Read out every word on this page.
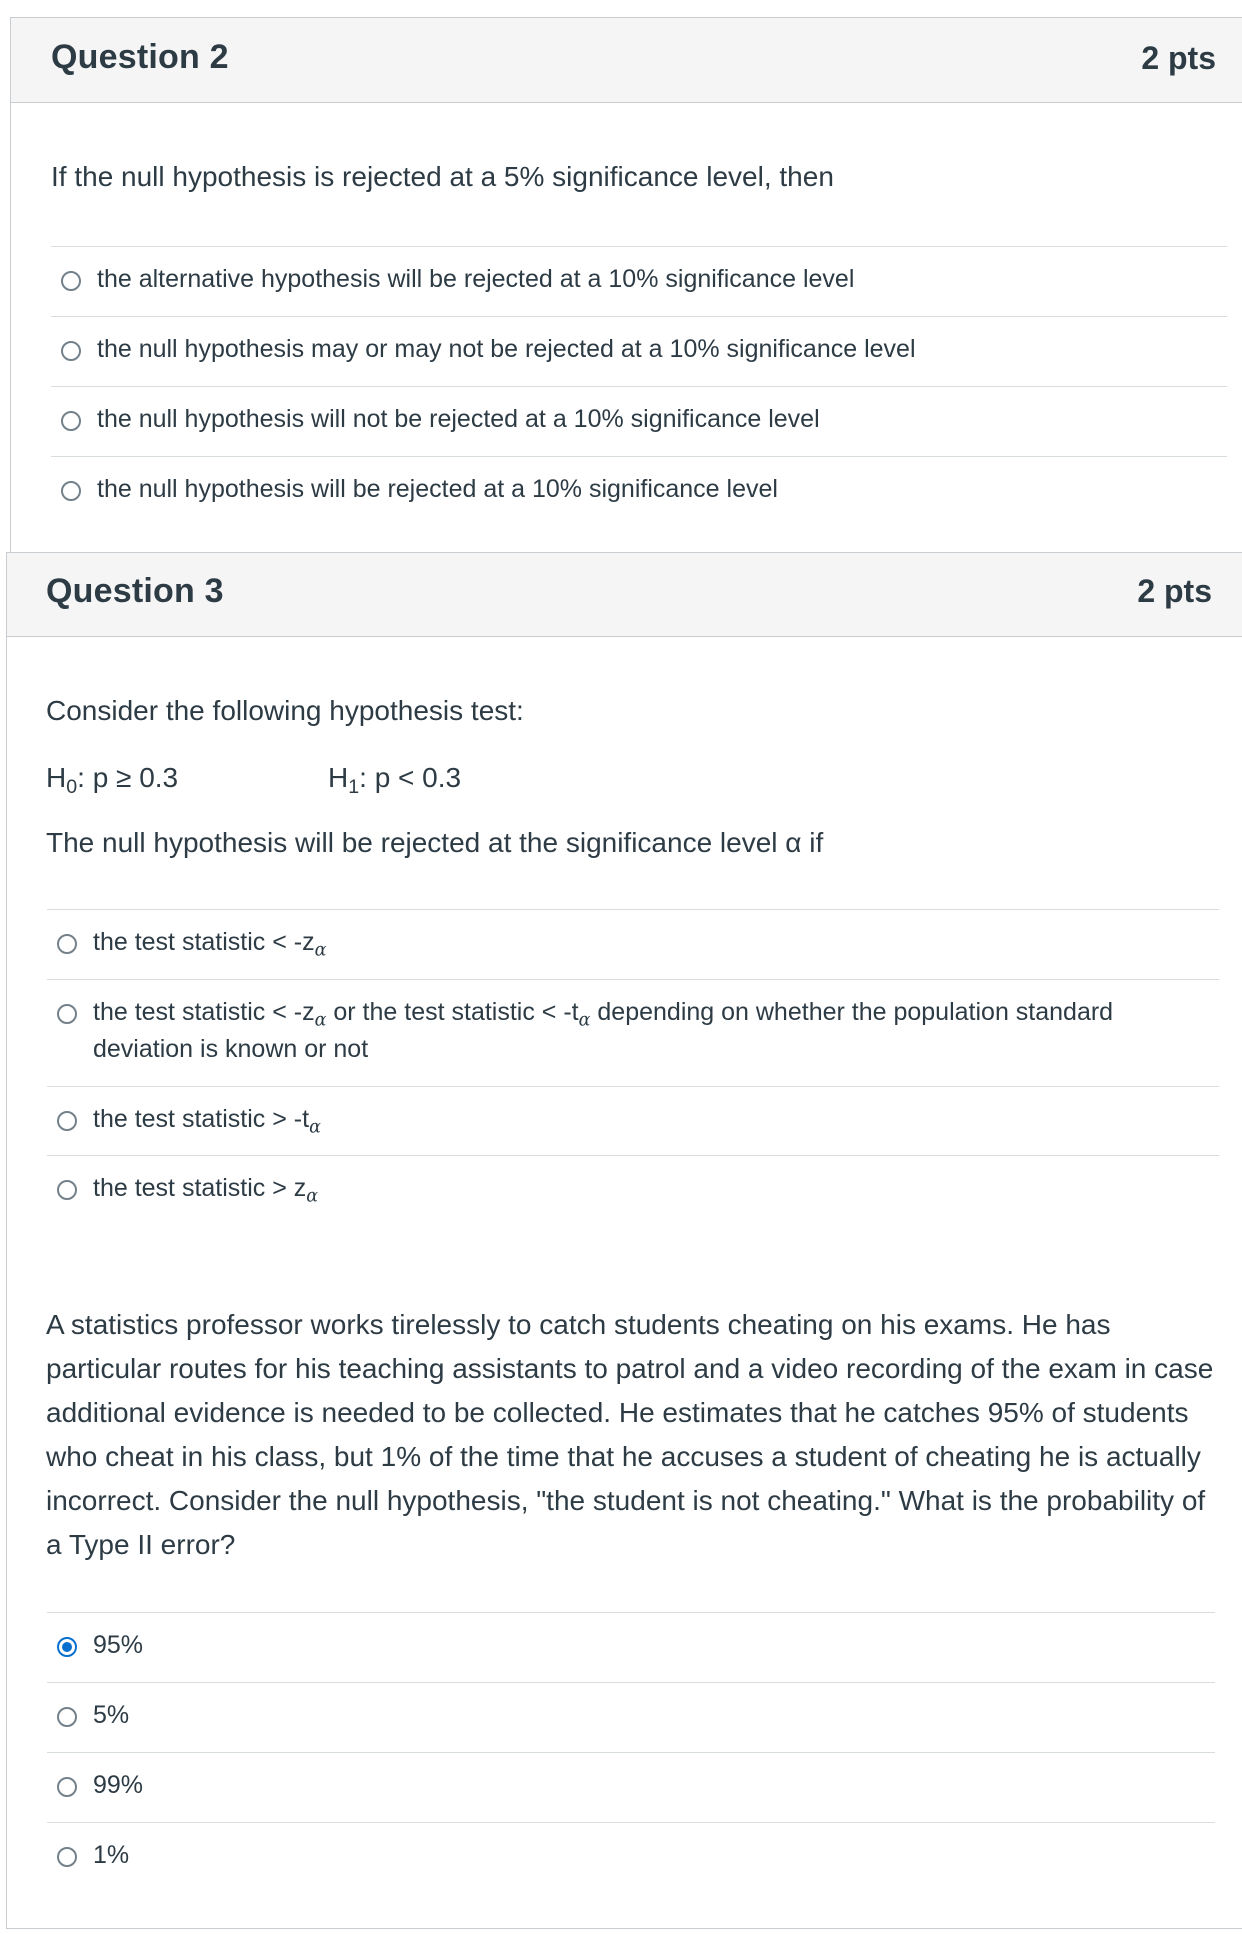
Question 2	2 pts
If the null hypothesis is rejected at a 5% significance level, then
the alternative hypothesis will be rejected at a 10% significance level
the null hypothesis may or may not be rejected at a 10% significance level
the null hypothesis will not be rejected at a 10% significance level
the null hypothesis will be rejected at a 10% significance level
Question 3	2 pts
Consider the following hypothesis test:
$H_0$: p ≥ 0.3	$H_1$: p < 0.3
The null hypothesis will be rejected at the significance level α if
the test statistic < $-z_\alpha$
the test statistic < $-z_\alpha$ or the test statistic < $-t_\alpha$ depending on whether the population standard deviation is known or not
the test statistic > $-t_\alpha$
the test statistic > $z_\alpha$
A statistics professor works tirelessly to catch students cheating on his exams. He has particular routes for his teaching assistants to patrol and a video recording of the exam in case additional evidence is needed to be collected. He estimates that he catches 95% of students who cheat in his class, but 1% of the time that he accuses a student of cheating he is actually incorrect. Consider the null hypothesis, "the student is not cheating." What is the probability of a Type II error?
95%
5%
99%
1%
